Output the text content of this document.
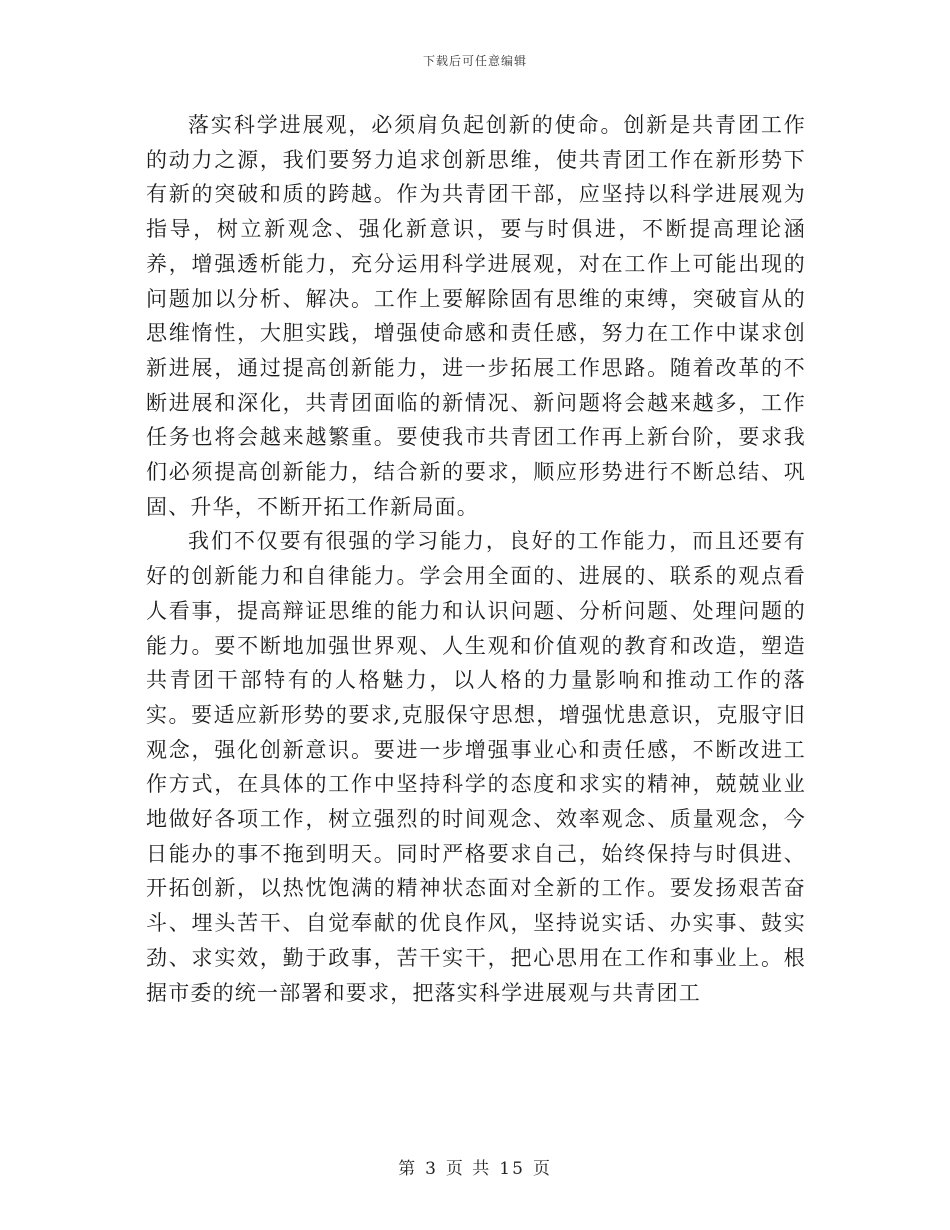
下载后可任意编辑

落实科学进展观，必须肩负起创新的使命。创新是共青团工作的动力之源，我们要努力追求创新思维，使共青团工作在新形势下有新的突破和质的跨越。作为共青团干部，应坚持以科学进展观为指导，树立新观念、强化新意识，要与时俱进，不断提高理论涵养，增强透析能力，充分运用科学进展观，对在工作上可能出现的问题加以分析、解决。工作上要解除固有思维的束缚，突破盲从的思维惰性，大胆实践，增强使命感和责任感，努力在工作中谋求创新进展，通过提高创新能力，进一步拓展工作思路。随着改革的不断进展和深化，共青团面临的新情况、新问题将会越来越多，工作任务也将会越来越繁重。要使我市共青团工作再上新台阶，要求我们必须提高创新能力，结合新的要求，顺应形势进行不断总结、巩固、升华，不断开拓工作新局面。

我们不仅要有很强的学习能力，良好的工作能力，而且还要有好的创新能力和自律能力。学会用全面的、进展的、联系的观点看人看事，提高辩证思维的能力和认识问题、分析问题、处理问题的能力。要不断地加强世界观、人生观和价值观的教育和改造，塑造共青团干部特有的人格魅力，以人格的力量影响和推动工作的落实。要适应新形势的要求,克服保守思想，增强忧患意识，克服守旧观念，强化创新意识。要进一步增强事业心和责任感，不断改进工作方式，在具体的工作中坚持科学的态度和求实的精神，兢兢业业地做好各项工作，树立强烈的时间观念、效率观念、质量观念，今日能办的事不拖到明天。同时严格要求自己，始终保持与时俱进、开拓创新，以热忱饱满的精神状态面对全新的工作。要发扬艰苦奋斗、埋头苦干、自觉奉献的优良作风，坚持说实话、办实事、鼓实劲、求实效，勤于政事，苦干实干，把心思用在工作和事业上。根据市委的统一部署和要求，把落实科学进展观与共青团工

第 3 页 共 15 页
